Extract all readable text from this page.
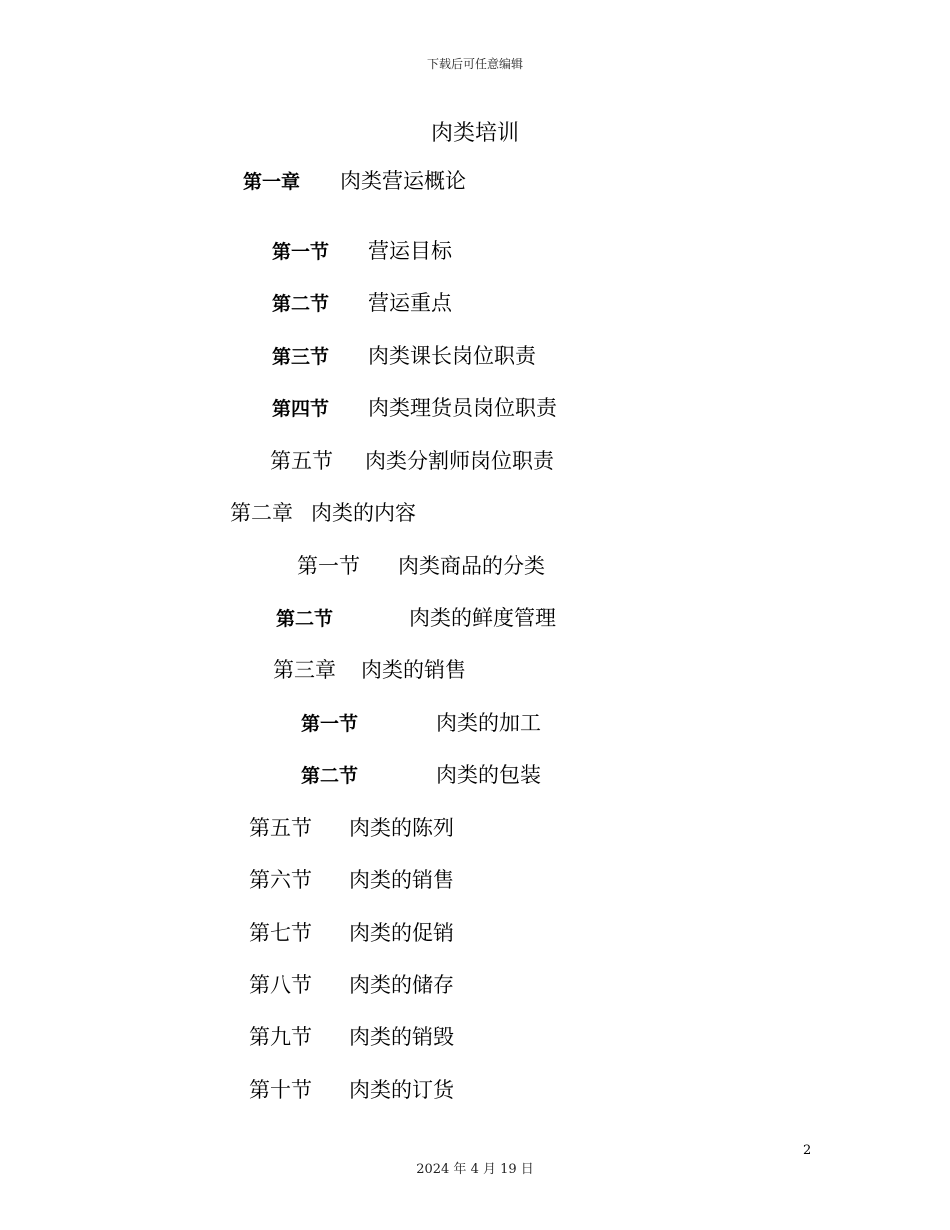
下载后可任意编辑
肉类培训
第一章 肉类营运概论
第一节 营运目标
第二节 营运重点
第三节 肉类课长岗位职责
第四节 肉类理货员岗位职责
第五节 肉类分割师岗位职责
第二章 肉类的内容
第一节 肉类商品的分类
第二节	肉类的鲜度管理
第三章 肉类的销售
第一节	肉类的加工
第二节	肉类的包装
第五节 肉类的陈列
第六节 肉类的销售
第七节 肉类的促销
第八节 肉类的储存
第九节 肉类的销毁
第十节 肉类的订货
2
2024 年 4 月 19 日
